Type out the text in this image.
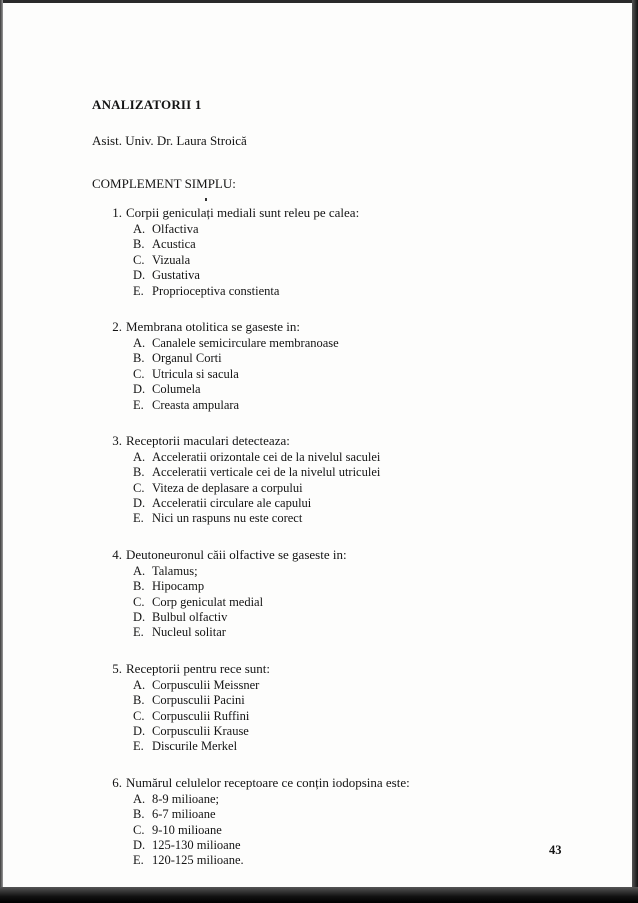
ANALIZATORII 1
Asist. Univ. Dr. Laura Stroică
COMPLEMENT SIMPLU:
1. Corpii geniculați mediali sunt releu pe calea:
A. Olfactiva
B. Acustica
C. Vizuala
D. Gustativa
E. Proprioceptiva constienta
2. Membrana otolitica se gaseste in:
A. Canalele semicirculare membranoase
B. Organul Corti
C. Utricula si sacula
D. Columela
E. Creasta ampulara
3. Receptorii maculari detecteaza:
A. Acceleratii orizontale cei de la nivelul saculei
B. Acceleratii verticale cei de la nivelul utriculei
C. Viteza de deplasare a corpului
D. Acceleratii circulare ale capului
E. Nici un raspuns nu este corect
4. Deutoneuronul căii olfactive se gaseste in:
A. Talamus;
B. Hipocamp
C. Corp geniculat medial
D. Bulbul olfactiv
E. Nucleul solitar
5. Receptorii pentru rece sunt:
A. Corpusculii Meissner
B. Corpusculii Pacini
C. Corpusculii Ruffini
D. Corpusculii Krause
E. Discurile Merkel
6. Numărul celulelor receptoare ce conțin iodopsina este:
A. 8-9 milioane;
B. 6-7 milioane
C. 9-10 milioane
D. 125-130 milioane
E. 120-125 milioane.
43
